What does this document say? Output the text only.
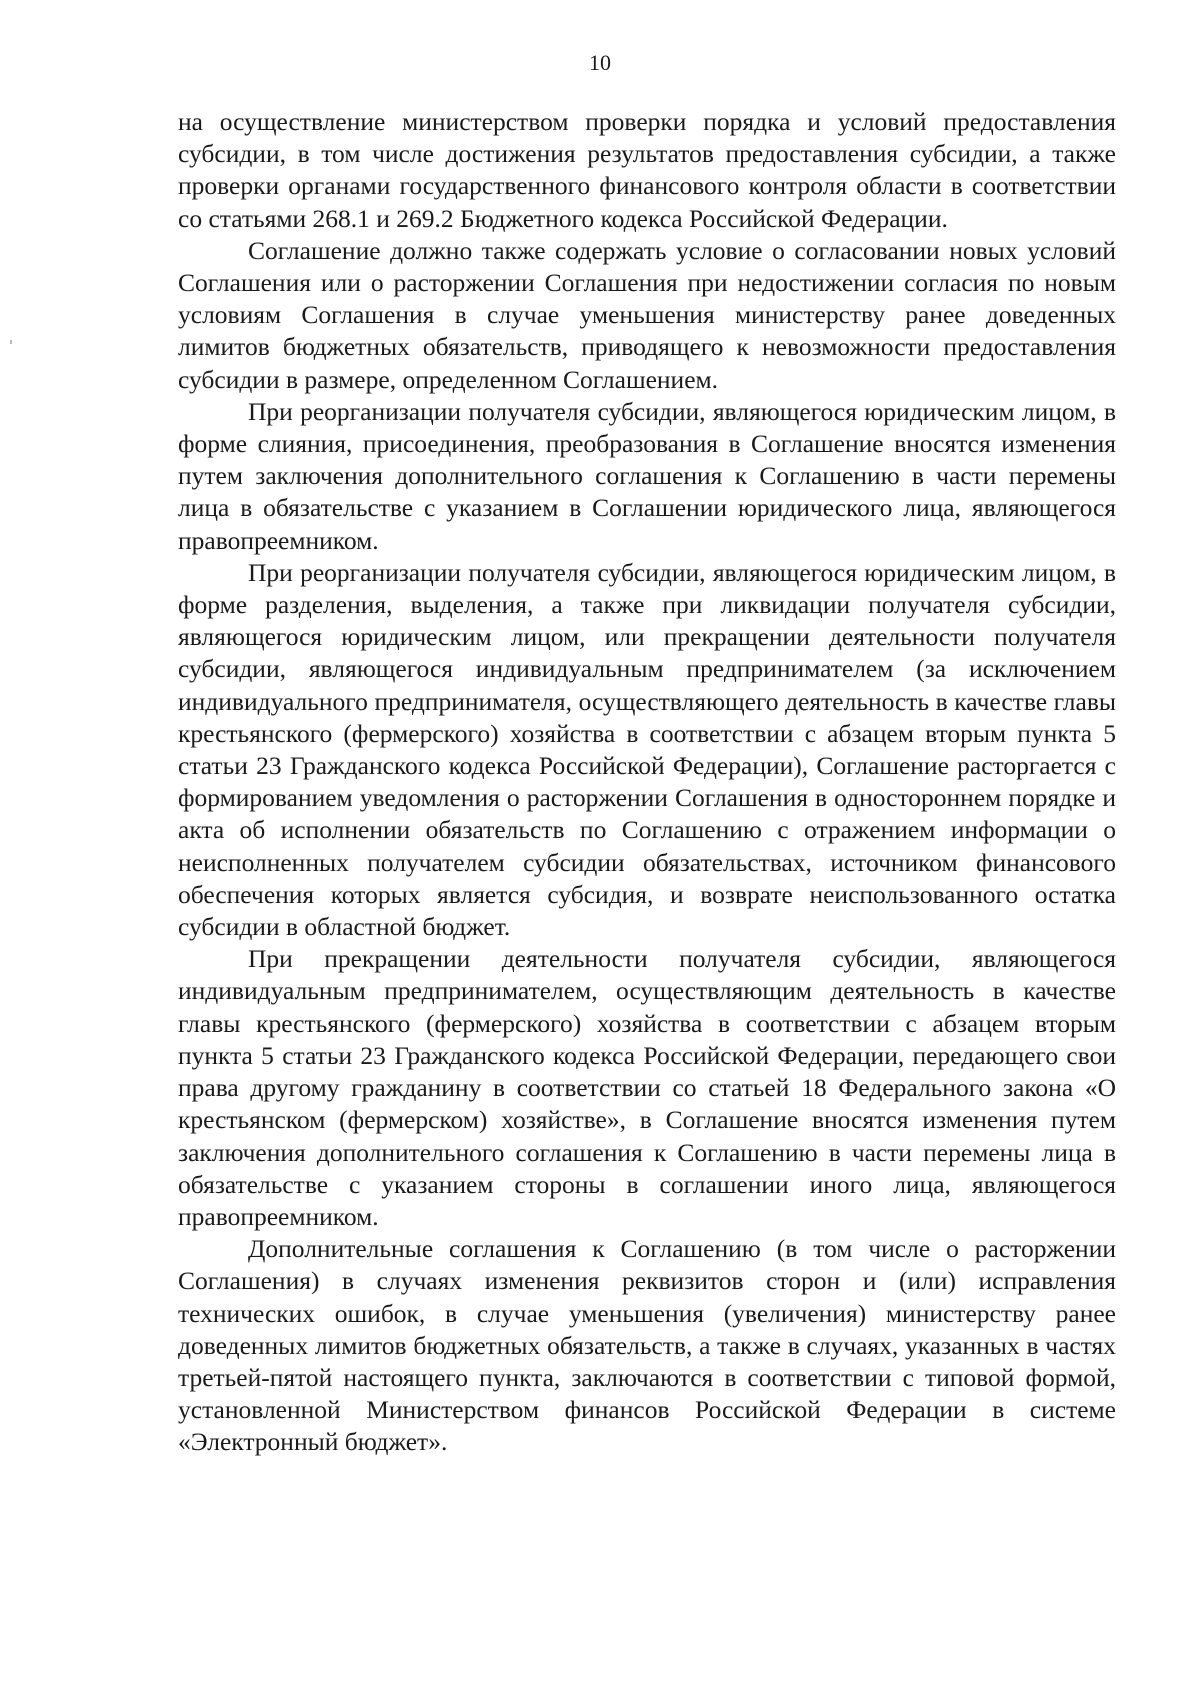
10

на осуществление министерством проверки порядка и условий предоставления субсидии, в том числе достижения результатов предоставления субсидии, а также проверки органами государственного финансового контроля области в соответствии со статьями 268.1 и 269.2 Бюджетного кодекса Российской Федерации.

Соглашение должно также содержать условие о согласовании новых условий Соглашения или о расторжении Соглашения при недостижении согласия по новым условиям Соглашения в случае уменьшения министерству ранее доведенных лимитов бюджетных обязательств, приводящего к невозможности предоставления субсидии в размере, определенном Соглашением.

При реорганизации получателя субсидии, являющегося юридическим лицом, в форме слияния, присоединения, преобразования в Соглашение вносятся изменения путем заключения дополнительного соглашения к Соглашению в части перемены лица в обязательстве с указанием в Соглашении юридического лица, являющегося правопреемником.

При реорганизации получателя субсидии, являющегося юридическим лицом, в форме разделения, выделения, а также при ликвидации получателя субсидии, являющегося юридическим лицом, или прекращении деятельности получателя субсидии, являющегося индивидуальным предпринимателем (за исключением индивидуального предпринимателя, осуществляющего деятельность в качестве главы крестьянского (фермерского) хозяйства в соответствии с абзацем вторым пункта 5 статьи 23 Гражданского кодекса Российской Федерации), Соглашение расторгается с формированием уведомления о расторжении Соглашения в одностороннем порядке и акта об исполнении обязательств по Соглашению с отражением информации о неисполненных получателем субсидии обязательствах, источником финансового обеспечения которых является субсидия, и возврате неиспользованного остатка субсидии в областной бюджет.

При прекращении деятельности получателя субсидии, являющегося индивидуальным предпринимателем, осуществляющим деятельность в качестве главы крестьянского (фермерского) хозяйства в соответствии с абзацем вторым пункта 5 статьи 23 Гражданского кодекса Российской Федерации, передающего свои права другому гражданину в соответствии со статьей 18 Федерального закона «О крестьянском (фермерском) хозяйстве», в Соглашение вносятся изменения путем заключения дополнительного соглашения к Соглашению в части перемены лица в обязательстве с указанием стороны в соглашении иного лица, являющегося правопреемником.

Дополнительные соглашения к Соглашению (в том числе о расторжении Соглашения) в случаях изменения реквизитов сторон и (или) исправления технических ошибок, в случае уменьшения (увеличения) министерству ранее доведенных лимитов бюджетных обязательств, а также в случаях, указанных в частях третьей-пятой настоящего пункта, заключаются в соответствии с типовой формой, установленной Министерством финансов Российской Федерации в системе «Электронный бюджет».
